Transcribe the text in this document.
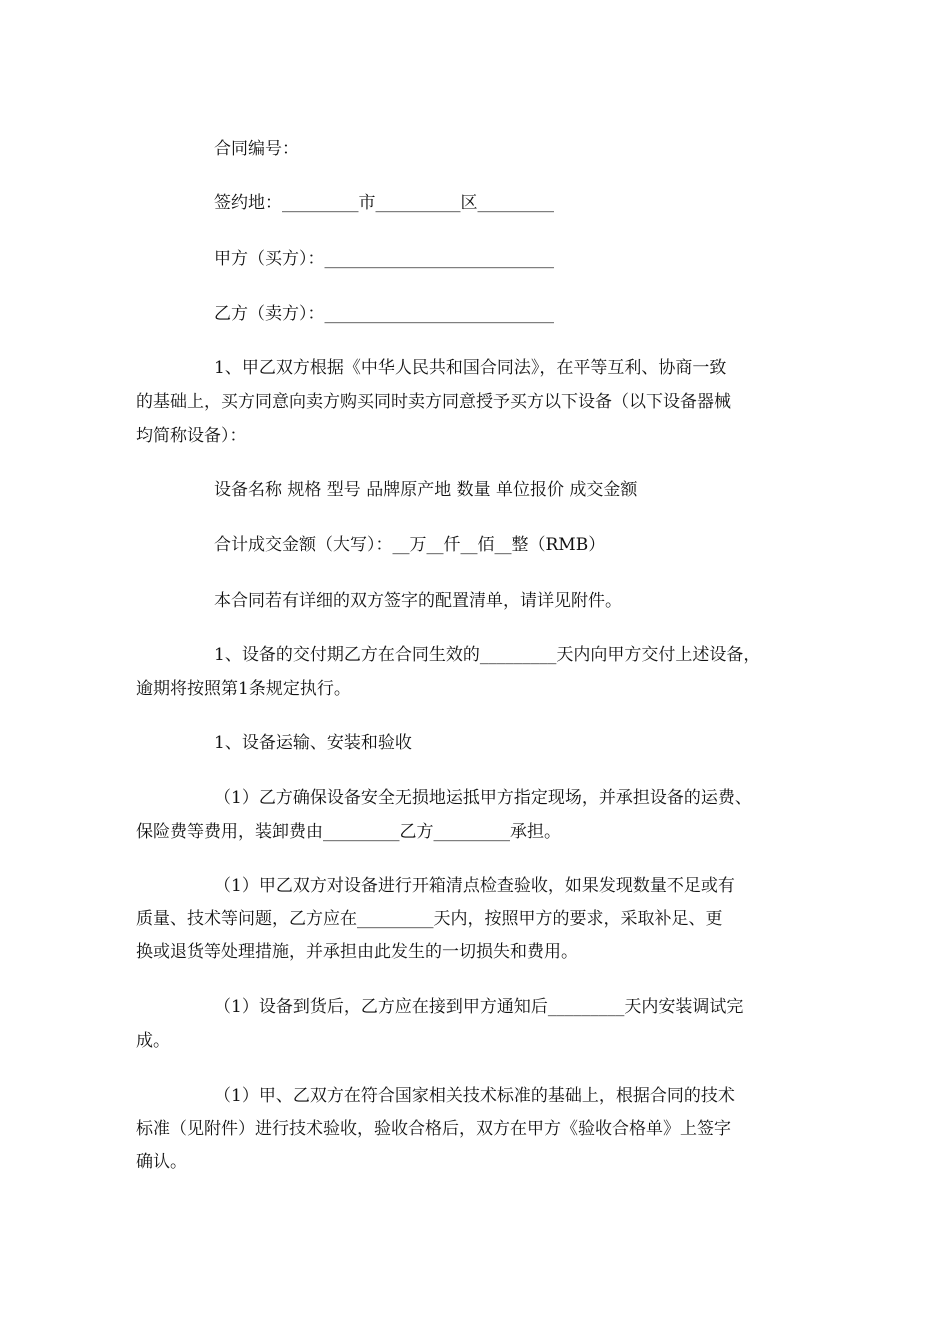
合同编号：
签约地：_________市__________区_________
甲方（买方）：___________________________
乙方（卖方）：___________________________
1、甲乙双方根据《中华人民共和国合同法》，在平等互利、协商一致
的基础上，买方同意向卖方购买同时卖方同意授予买方以下设备（以下设备器械
均简称设备）：
设备名称 规格 型号 品牌原产地 数量 单位报价 成交金额
合计成交金额（大写）：__万__仟__佰__整（RMB）
本合同若有详细的双方签字的配置清单，请详见附件。
1、设备的交付期乙方在合同生效的_________天内向甲方交付上述设备，
逾期将按照第1条规定执行。
1、设备运输、安装和验收
（1）乙方确保设备安全无损地运抵甲方指定现场，并承担设备的运费、
保险费等费用，装卸费由_________乙方_________承担。
（1）甲乙双方对设备进行开箱清点检查验收，如果发现数量不足或有
质量、技术等问题，乙方应在_________天内，按照甲方的要求，采取补足、更
换或退货等处理措施，并承担由此发生的一切损失和费用。
（1）设备到货后，乙方应在接到甲方通知后_________天内安装调试完
成。
（1）甲、乙双方在符合国家相关技术标准的基础上，根据合同的技术
标准（见附件）进行技术验收，验收合格后，双方在甲方《验收合格单》上签字
确认。
